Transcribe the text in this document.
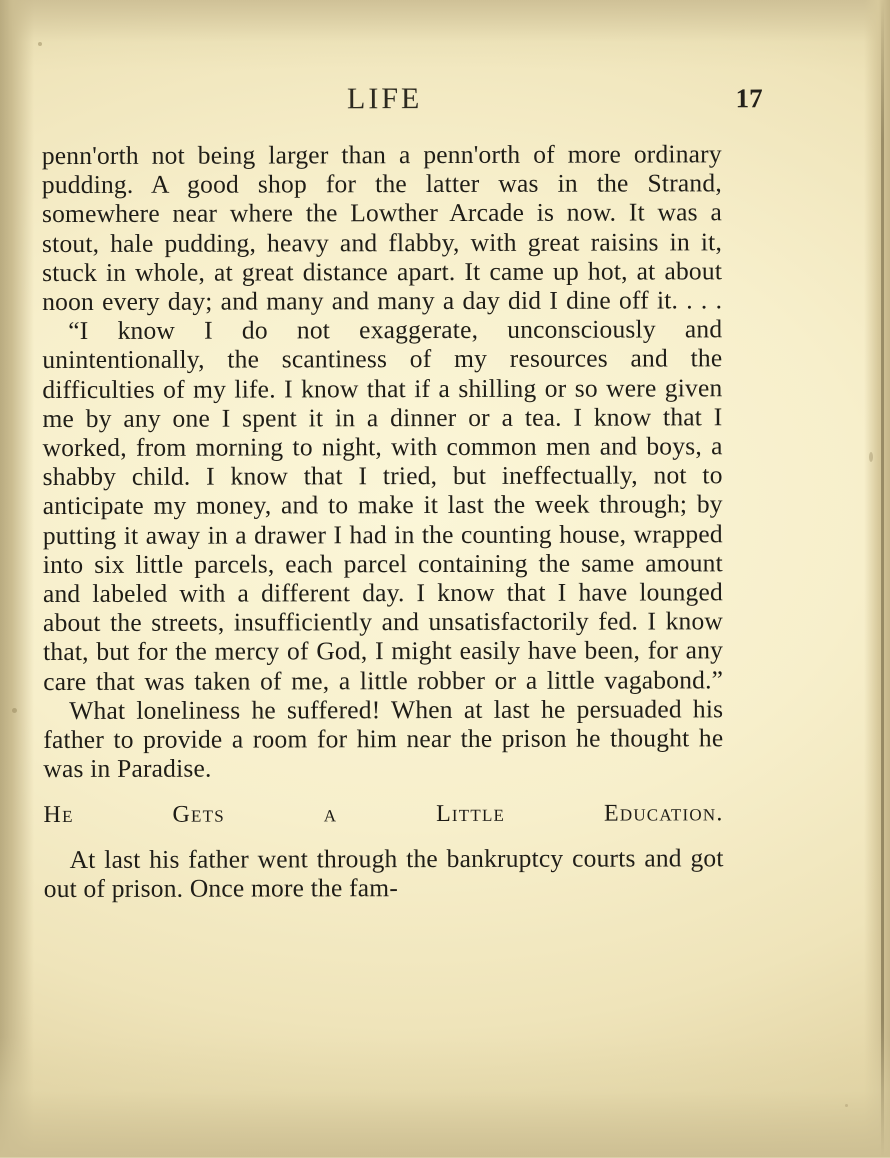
LIFE	17

penn'orth not being larger than a penn'orth of more ordinary pudding. A good shop for the latter was in the Strand, somewhere near where the Lowther Arcade is now. It was a stout, hale pudding, heavy and flabby, with great raisins in it, stuck in whole, at great distance apart. It came up hot, at about noon every day; and many and many a day did I dine off it. . . .

“I know I do not exaggerate, unconsciously and unintentionally, the scantiness of my resources and the difficulties of my life. I know that if a shilling or so were given me by any one I spent it in a dinner or a tea. I know that I worked, from morning to night, with common men and boys, a shabby child. I know that I tried, but ineffectually, not to anticipate my money, and to make it last the week through; by putting it away in a drawer I had in the counting house, wrapped into six little parcels, each parcel containing the same amount and labeled with a different day. I know that I have lounged about the streets, insufficiently and unsatisfactorily fed. I know that, but for the mercy of God, I might easily have been, for any care that was taken of me, a little robber or a little vagabond.”

What loneliness he suffered! When at last he persuaded his father to provide a room for him near the prison he thought he was in Paradise.

He Gets a Little Education.

At last his father went through the bankruptcy courts and got out of prison. Once more the fam-
